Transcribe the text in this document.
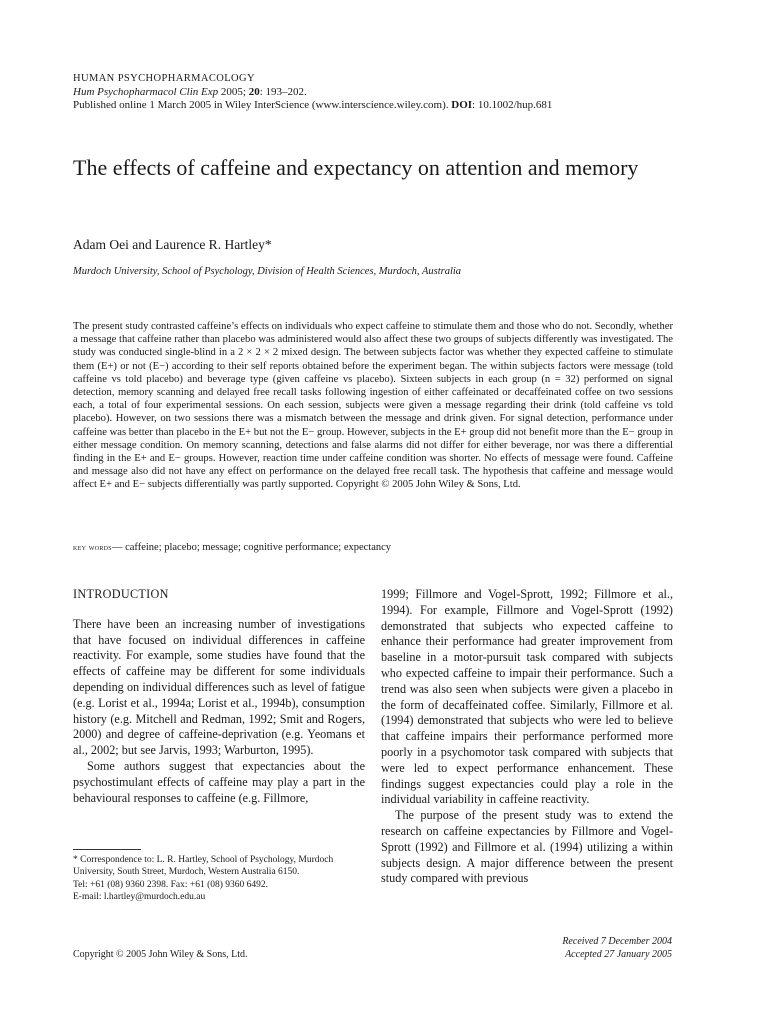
HUMAN PSYCHOPHARMACOLOGY
Hum Psychopharmacol Clin Exp 2005; 20: 193–202.
Published online 1 March 2005 in Wiley InterScience (www.interscience.wiley.com). DOI: 10.1002/hup.681
The effects of caffeine and expectancy on attention and memory
Adam Oei and Laurence R. Hartley*
Murdoch University, School of Psychology, Division of Health Sciences, Murdoch, Australia

The present study contrasted caffeine’s effects on individuals who expect caffeine to stimulate them and those who do not. Secondly, whether a message that caffeine rather than placebo was administered would also affect these two groups of subjects differently was investigated. The study was conducted single-blind in a 2 × 2 × 2 mixed design. The between subjects factor was whether they expected caffeine to stimulate them (E+) or not (E−) according to their self reports obtained before the experiment began. The within subjects factors were message (told caffeine vs told placebo) and beverage type (given caffeine vs placebo). Sixteen subjects in each group (n = 32) performed on signal detection, memory scanning and delayed free recall tasks following ingestion of either caffeinated or decaffeinated coffee on two sessions each, a total of four experimental sessions. On each session, subjects were given a message regarding their drink (told caffeine vs told placebo). However, on two sessions there was a mismatch between the message and drink given. For signal detection, performance under caffeine was better than placebo in the E+ but not the E− group. However, subjects in the E+ group did not benefit more than the E− group in either message condition. On memory scanning, detections and false alarms did not differ for either beverage, nor was there a differential finding in the E+ and E− groups. However, reaction time under caffeine condition was shorter. No effects of message were found. Caffeine and message also did not have any effect on performance on the delayed free recall task. The hypothesis that caffeine and message would affect E+ and E− subjects differentially was partly supported. Copyright © 2005 John Wiley & Sons, Ltd.

key words— caffeine; placebo; message; cognitive performance; expectancy
INTRODUCTION

There have been an increasing number of investigations that have focused on individual differences in caffeine reactivity. For example, some studies have found that the effects of caffeine may be different for some individuals depending on individual differences such as level of fatigue (e.g. Lorist et al., 1994a; Lorist et al., 1994b), consumption history (e.g. Mitchell and Redman, 1992; Smit and Rogers, 2000) and degree of caffeine-deprivation (e.g. Yeomans et al., 2002; but see Jarvis, 1993; Warburton, 1995).

Some authors suggest that expectancies about the psychostimulant effects of caffeine may play a part in the behavioural responses to caffeine (e.g. Fillmore,

1999; Fillmore and Vogel-Sprott, 1992; Fillmore et al., 1994). For example, Fillmore and Vogel-Sprott (1992) demonstrated that subjects who expected caffeine to enhance their performance had greater improvement from baseline in a motor-pursuit task compared with subjects who expected caffeine to impair their performance. Such a trend was also seen when subjects were given a placebo in the form of decaffeinated coffee. Similarly, Fillmore et al. (1994) demonstrated that subjects who were led to believe that caffeine impairs their performance performed more poorly in a psychomotor task compared with subjects that were led to expect performance enhancement. These findings suggest expectancies could play a role in the individual variability in caffeine reactivity.

The purpose of the present study was to extend the research on caffeine expectancies by Fillmore and Vogel-Sprott (1992) and Fillmore et al. (1994) utilizing a within subjects design. A major difference between the present study compared with previous

* Correspondence to: L. R. Hartley, School of Psychology, Murdoch University, South Street, Murdoch, Western Australia 6150.
Tel: +61 (08) 9360 2398. Fax: +61 (08) 9360 6492.
E-mail: l.hartley@murdoch.edu.au
Copyright © 2005 John Wiley & Sons, Ltd.
Received 7 December 2004
Accepted 27 January 2005
